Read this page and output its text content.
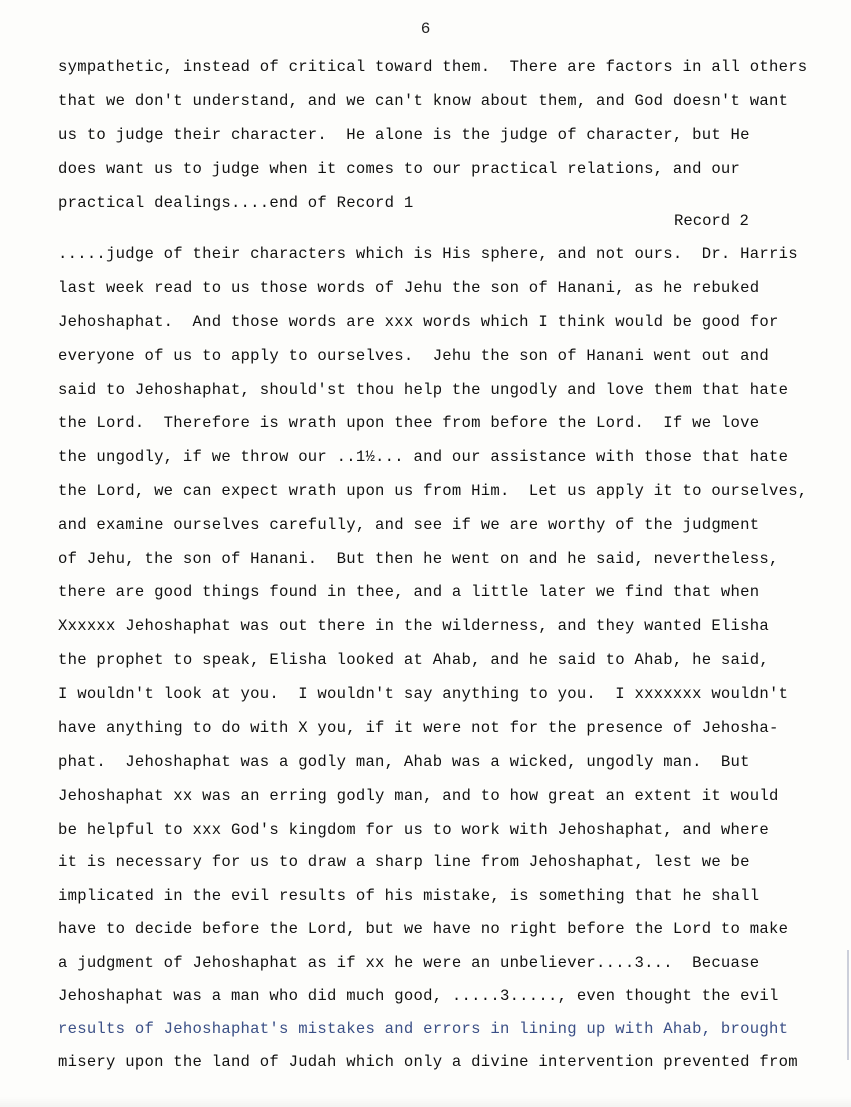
6
sympathetic, instead of critical toward them.  There are factors in all others
that we don't understand, and we can't know about them, and God doesn't want
us to judge their character.  He alone is the judge of character, but He
does want us to judge when it comes to our practical relations, and our
practical dealings....end of Record 1
Record 2
.....judge of their characters which is His sphere, and not ours.  Dr. Harris
last week read to us those words of Jehu the son of Hanani, as he rebuked
Jehoshaphat.  And those words are xxx words which I think would be good for
everyone of us to apply to ourselves.  Jehu the son of Hanani went out and
said to Jehoshaphat, should'st thou help the ungodly and love them that hate
the Lord.  Therefore is wrath upon thee from before the Lord.  If we love
the ungodly, if we throw our ..1½... and our assistance with those that hate
the Lord, we can expect wrath upon us from Him.  Let us apply it to ourselves,
and examine ourselves carefully, and see if we are worthy of the judgment
of Jehu, the son of Hanani.  But then he went on and he said, nevertheless,
there are good things found in thee, and a little later we find that when
Xxxxxx Jehoshaphat was out there in the wilderness, and they wanted Elisha
the prophet to speak, Elisha looked at Ahab, and he said to Ahab, he said,
I wouldn't look at you.  I wouldn't say anything to you.  I xxxxxxx wouldn't
have anything to do with X you, if it were not for the presence of Jehosha-
phat.  Jehoshaphat was a godly man, Ahab was a wicked, ungodly man.  But
Jehoshaphat xx was an erring godly man, and to how great an extent it would
be helpful to xxx God's kingdom for us to work with Jehoshaphat, and where
it is necessary for us to draw a sharp line from Jehoshaphat, lest we be
implicated in the evil results of his mistake, is something that he shall
have to decide before the Lord, but we have no right before the Lord to make
a judgment of Jehoshaphat as if xx he were an unbeliever....3...  Becuase
Jehoshaphat was a man who did much good, .....3....., even thought the evil
results of Jehoshaphat's mistakes and errors in lining up with Ahab, brought
misery upon the land of Judah which only a divine intervention prevented from
